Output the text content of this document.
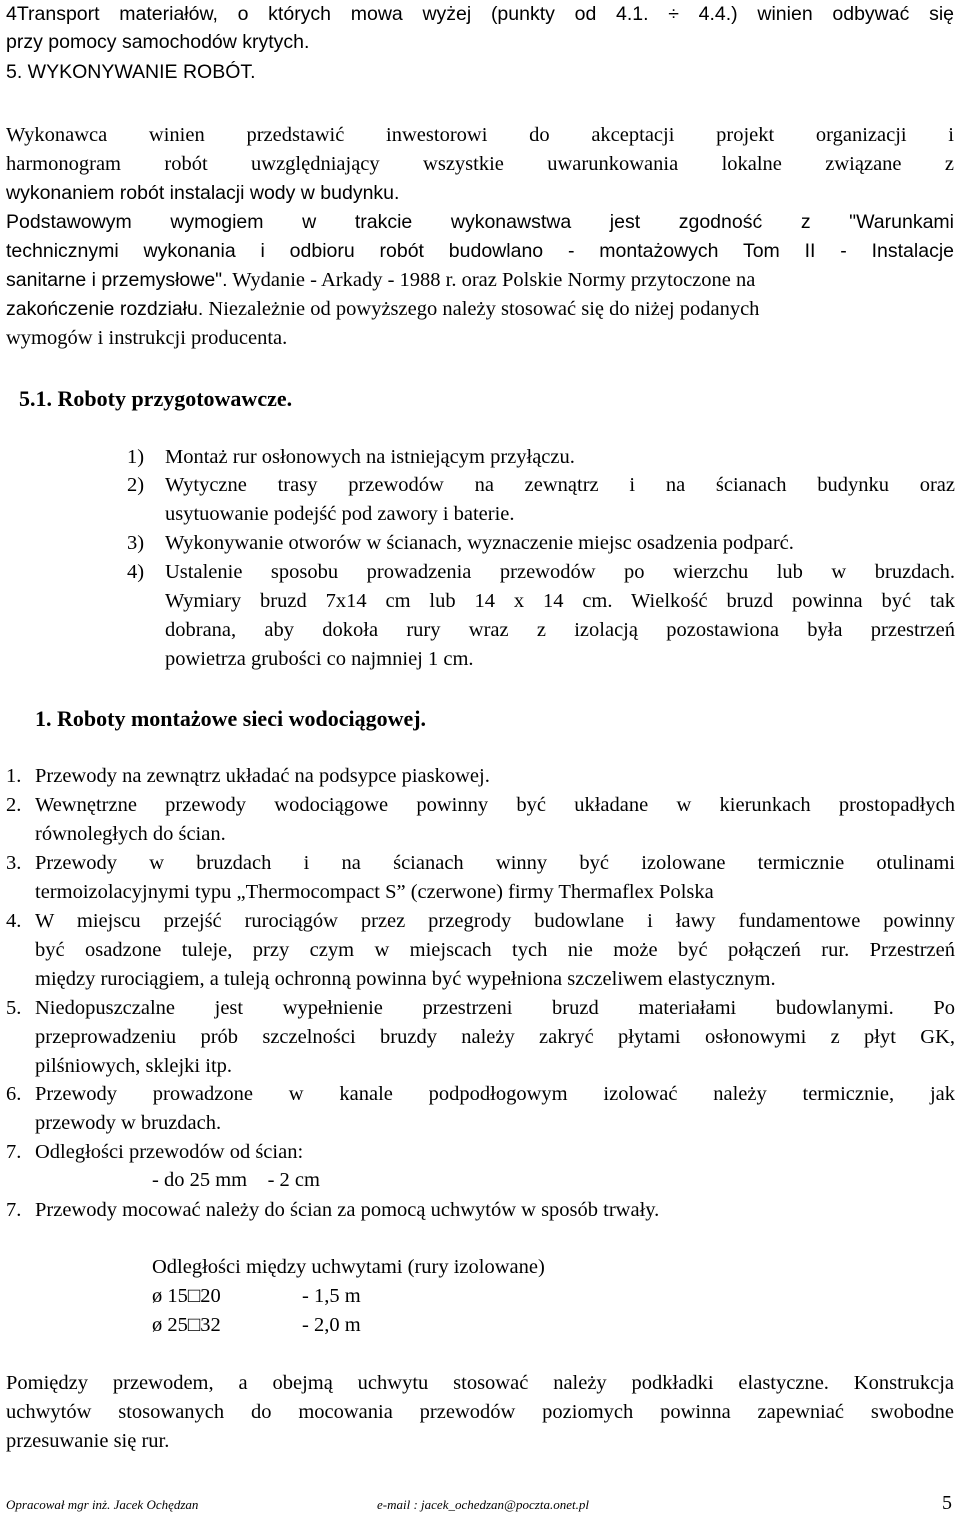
4Transport materiałów, o których mowa wyżej (punkty od 4.1. ÷ 4.4.) winien odbywać się
przy pomocy samochodów krytych.
5. WYKONYWANIE ROBÓT.
Wykonawca winien przedstawić inwestorowi do akceptacji projekt organizacji i
harmonogram robót uwzględniający wszystkie uwarunkowania lokalne związane z
wykonaniem robót instalacji wody w budynku.
Podstawowym wymogiem w trakcie wykonawstwa jest zgodność z "Warunkami
technicznymi wykonania i odbioru robót budowlano - montażowych Tom II - Instalacje
sanitarne i przemysłowe". Wydanie - Arkady - 1988 r. oraz Polskie Normy przytoczone na
zakończenie rozdziału. Niezależnie od powyższego należy stosować się do niżej podanych
wymogów i instrukcji producenta.
5.1. Roboty przygotowawcze.
1) Montaż rur osłonowych na istniejącym przyłączu.
2) Wytyczne trasy przewodów na zewnątrz i na ścianach budynku oraz
usytuowanie podejść pod zawory i baterie.
3) Wykonywanie otworów w ścianach, wyznaczenie miejsc osadzenia podparć.
4) Ustalenie sposobu prowadzenia przewodów po wierzchu lub w bruzdach.
Wymiary bruzd 7x14 cm lub 14 x 14 cm. Wielkość bruzd powinna być tak
dobrana, aby dokoła rury wraz z izolacją pozostawiona była przestrzeń
powietrza grubości co najmniej 1 cm.
1. Roboty montażowe sieci wodociągowej.
1. Przewody na zewnątrz układać na podsypce piaskowej.
2. Wewnętrzne przewody wodociągowe powinny być układane w kierunkach prostopadłych
równoległych do ścian.
3. Przewody w bruzdach i na ścianach winny być izolowane termicznie otulinami
termoizolacyjnymi typu „Thermocompact S” (czerwone) firmy Thermaflex Polska
4. W miejscu przejść rurociągów przez przegrody budowlane i ławy fundamentowe powinny
być osadzone tuleje, przy czym w miejscach tych nie może być połączeń rur. Przestrzeń
między rurociągiem, a tuleją ochronną powinna być wypełniona szczeliwem elastycznym.
5. Niedopuszczalne jest wypełnienie przestrzeni bruzd materiałami budowlanymi. Po
przeprowadzeniu prób szczelności bruzdy należy zakryć płytami osłonowymi z płyt GK,
pilśniowych, sklejki itp.
6. Przewody prowadzone w kanale podpodłogowym izolować należy termicznie, jak
przewody w bruzdach.
7. Odległości przewodów od ścian:
- do 25 mm    - 2 cm
7. Przewody mocować należy do ścian za pomocą uchwytów w sposób trwały.
Odległości między uchwytami (rury izolowane)
ø 15□20	- 1,5 m
ø 25□32	- 2,0 m
Pomiędzy przewodem, a obejmą uchwytu stosować należy podkładki elastyczne. Konstrukcja
uchwytów stosowanych do mocowania przewodów poziomych powinna zapewniać swobodne
przesuwanie się rur.
Opracował mgr inż. Jacek Ochędzan	e-mail : jacek_ochedzan@poczta.onet.pl	5
